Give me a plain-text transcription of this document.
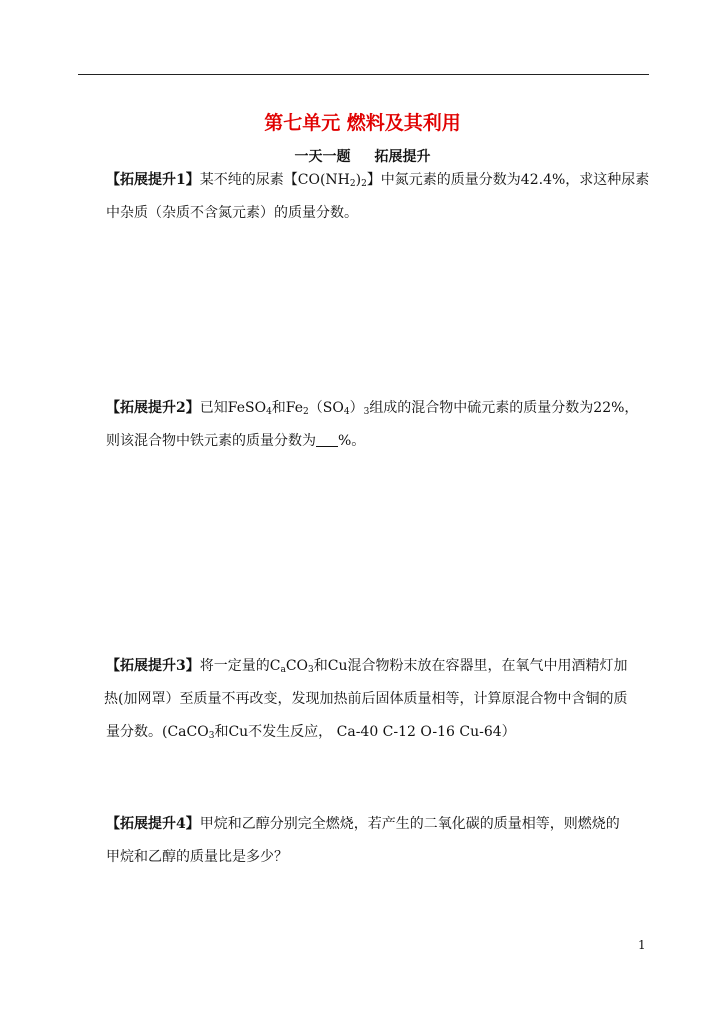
第七单元 燃料及其利用
一天一题 拓展提升
【拓展提升1】某不纯的尿素【$CO(NH_2)_2$】中氮元素的质量分数为42.4%，求这种尿素
中杂质（杂质不含氮元素）的质量分数。
【拓展提升2】已知FeSO$_4$和$Fe_2(SO_4)_3$组成的混合物中硫元素的质量分数为22%，
则该混合物中铁元素的质量分数为 %。
【拓展提升3】将一定量的$C_aCO_3$和Cu混合物粉末放在容器里，在氧气中用酒精灯加
热(加网罩）至质量不再改变，发现加热前后固体质量相等，计算原混合物中含铜的质
量分数。(CaCO$_3$和Cu不发生反应， Ca-40 C-12 O-16 Cu-64）
【拓展提升4】甲烷和乙醇分别完全燃烧，若产生的二氧化碳的质量相等，则燃烧的
甲烷和乙醇的质量比是多少？
1
